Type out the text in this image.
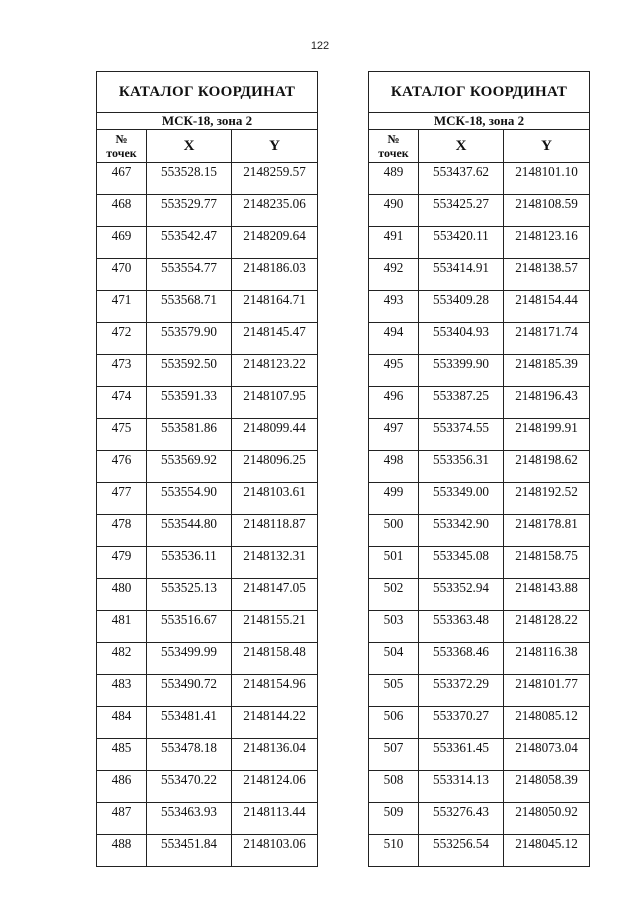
122
КАТАЛОГ КООРДИНАТ		
МСК-18, зона 2		
№
точек	X	Y
467	553528.15	2148259.57
468	553529.77	2148235.06
469	553542.47	2148209.64
470	553554.77	2148186.03
471	553568.71	2148164.71
472	553579.90	2148145.47
473	553592.50	2148123.22
474	553591.33	2148107.95
475	553581.86	2148099.44
476	553569.92	2148096.25
477	553554.90	2148103.61
478	553544.80	2148118.87
479	553536.11	2148132.31
480	553525.13	2148147.05
481	553516.67	2148155.21
482	553499.99	2148158.48
483	553490.72	2148154.96
484	553481.41	2148144.22
485	553478.18	2148136.04
486	553470.22	2148124.06
487	553463.93	2148113.44
488	553451.84	2148103.06
КАТАЛОГ КООРДИНАТ		
МСК-18, зона 2		
№
точек	X	Y
489	553437.62	2148101.10
490	553425.27	2148108.59
491	553420.11	2148123.16
492	553414.91	2148138.57
493	553409.28	2148154.44
494	553404.93	2148171.74
495	553399.90	2148185.39
496	553387.25	2148196.43
497	553374.55	2148199.91
498	553356.31	2148198.62
499	553349.00	2148192.52
500	553342.90	2148178.81
501	553345.08	2148158.75
502	553352.94	2148143.88
503	553363.48	2148128.22
504	553368.46	2148116.38
505	553372.29	2148101.77
506	553370.27	2148085.12
507	553361.45	2148073.04
508	553314.13	2148058.39
509	553276.43	2148050.92
510	553256.54	2148045.12
